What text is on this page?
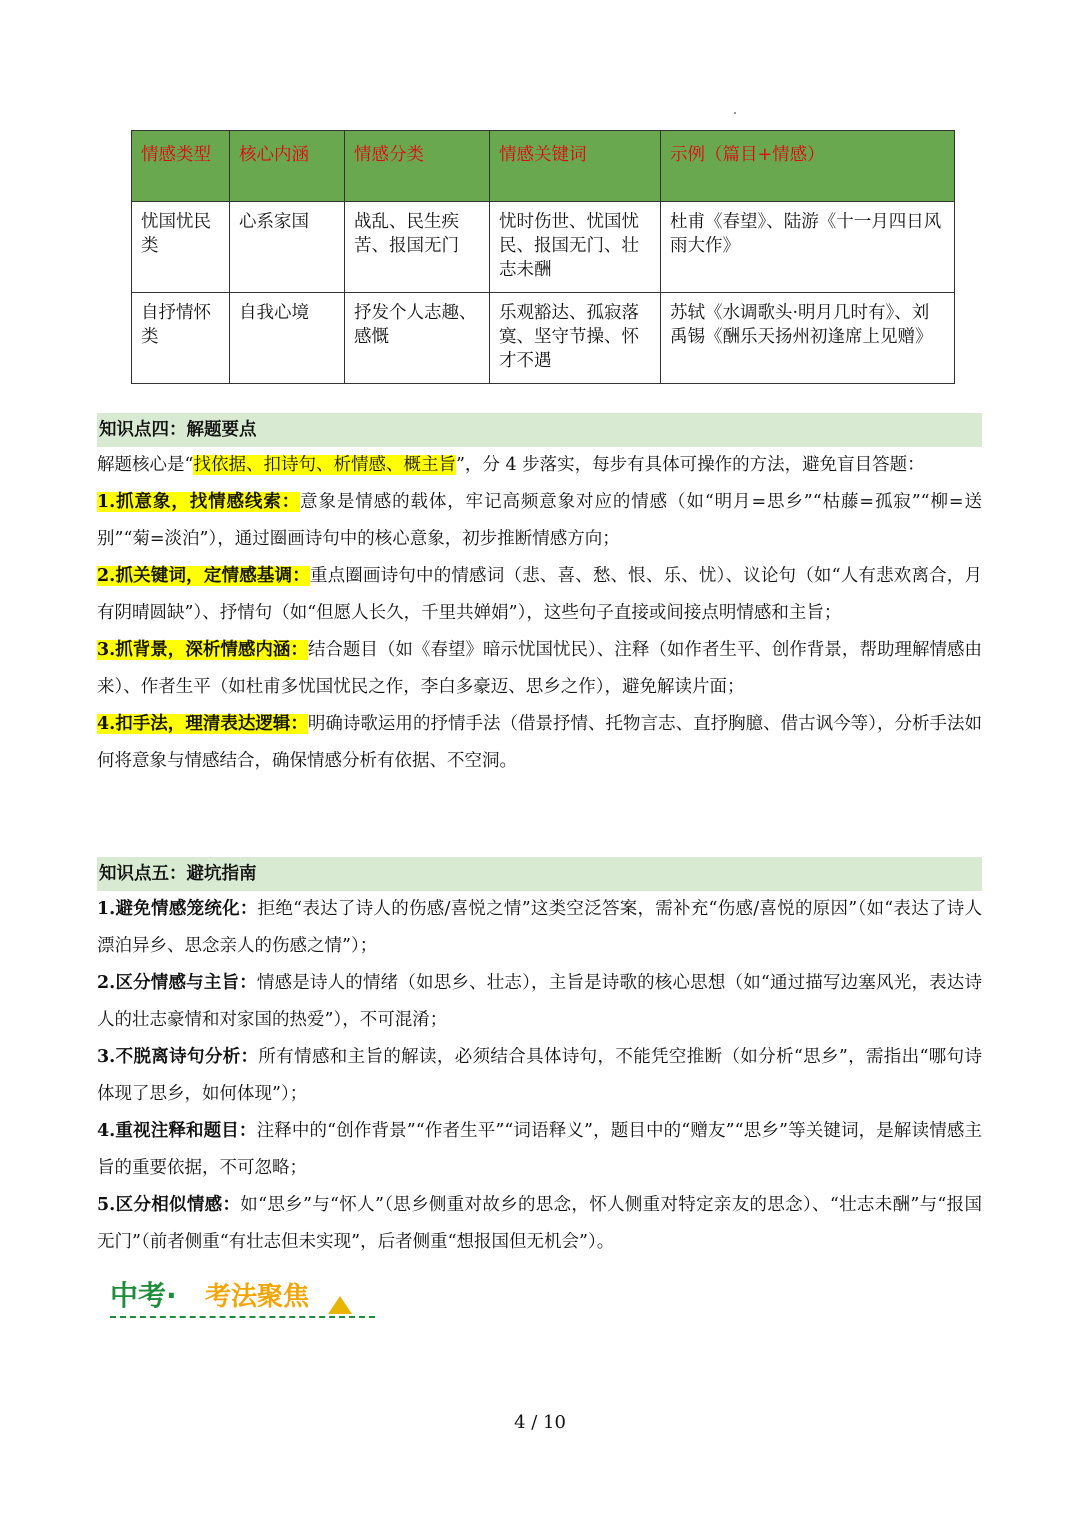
情感类型	核心内涵	情感分类	情感关键词	示例（篇目+情感）
忧国忧民类	心系家国	战乱、民生疾苦、报国无门	忧时伤世、忧国忧民、报国无门、壮志未酬	杜甫《春望》、陆游《十一月四日风雨大作》
自抒情怀类	自我心境	抒发个人志趣、感慨	乐观豁达、孤寂落寞、坚守节操、怀才不遇	苏轼《水调歌头·明月几时有》、刘禹锡《酬乐天扬州初逢席上见赠》
知识点四：解题要点

解题核心是“找依据、扣诗句、析情感、概主旨”，分 4 步落实，每步有具体可操作的方法，避免盲目答题：

1.抓意象，找情感线索：意象是情感的载体，牢记高频意象对应的情感（如“明月=思乡”“枯藤=孤寂”“柳=送别”“菊=淡泊”），通过圈画诗句中的核心意象，初步推断情感方向；

2.抓关键词，定情感基调：重点圈画诗句中的情感词（悲、喜、愁、恨、乐、忧）、议论句（如“人有悲欢离合，月有阴晴圆缺”）、抒情句（如“但愿人长久，千里共婵娟”），这些句子直接或间接点明情感和主旨；

3.抓背景，深析情感内涵：结合题目（如《春望》暗示忧国忧民）、注释（如作者生平、创作背景，帮助理解情感由来）、作者生平（如杜甫多忧国忧民之作，李白多豪迈、思乡之作），避免解读片面；

4.扣手法，理清表达逻辑：明确诗歌运用的抒情手法（借景抒情、托物言志、直抒胸臆、借古讽今等），分析手法如何将意象与情感结合，确保情感分析有依据、不空洞。

知识点五：避坑指南

1.避免情感笼统化：拒绝“表达了诗人的伤感/喜悦之情”这类空泛答案，需补充“伤感/喜悦的原因”（如“表达了诗人漂泊异乡、思念亲人的伤感之情”）；

2.区分情感与主旨：情感是诗人的情绪（如思乡、壮志），主旨是诗歌的核心思想（如“通过描写边塞风光，表达诗人的壮志豪情和对家国的热爱”），不可混淆；

3.不脱离诗句分析：所有情感和主旨的解读，必须结合具体诗句，不能凭空推断（如分析“思乡”，需指出“哪句诗体现了思乡，如何体现”）；

4.重视注释和题目：注释中的“创作背景”“作者生平”“词语释义”，题目中的“赠友”“思乡”等关键词，是解读情感主旨的重要依据，不可忽略；

5.区分相似情感：如“思乡”与“怀人”（思乡侧重对故乡的思念，怀人侧重对特定亲友的思念）、“壮志未酬”与“报国无门”（前者侧重“有壮志但未实现”，后者侧重“想报国但无机会”）。

中考· 考法聚焦
4 / 10
